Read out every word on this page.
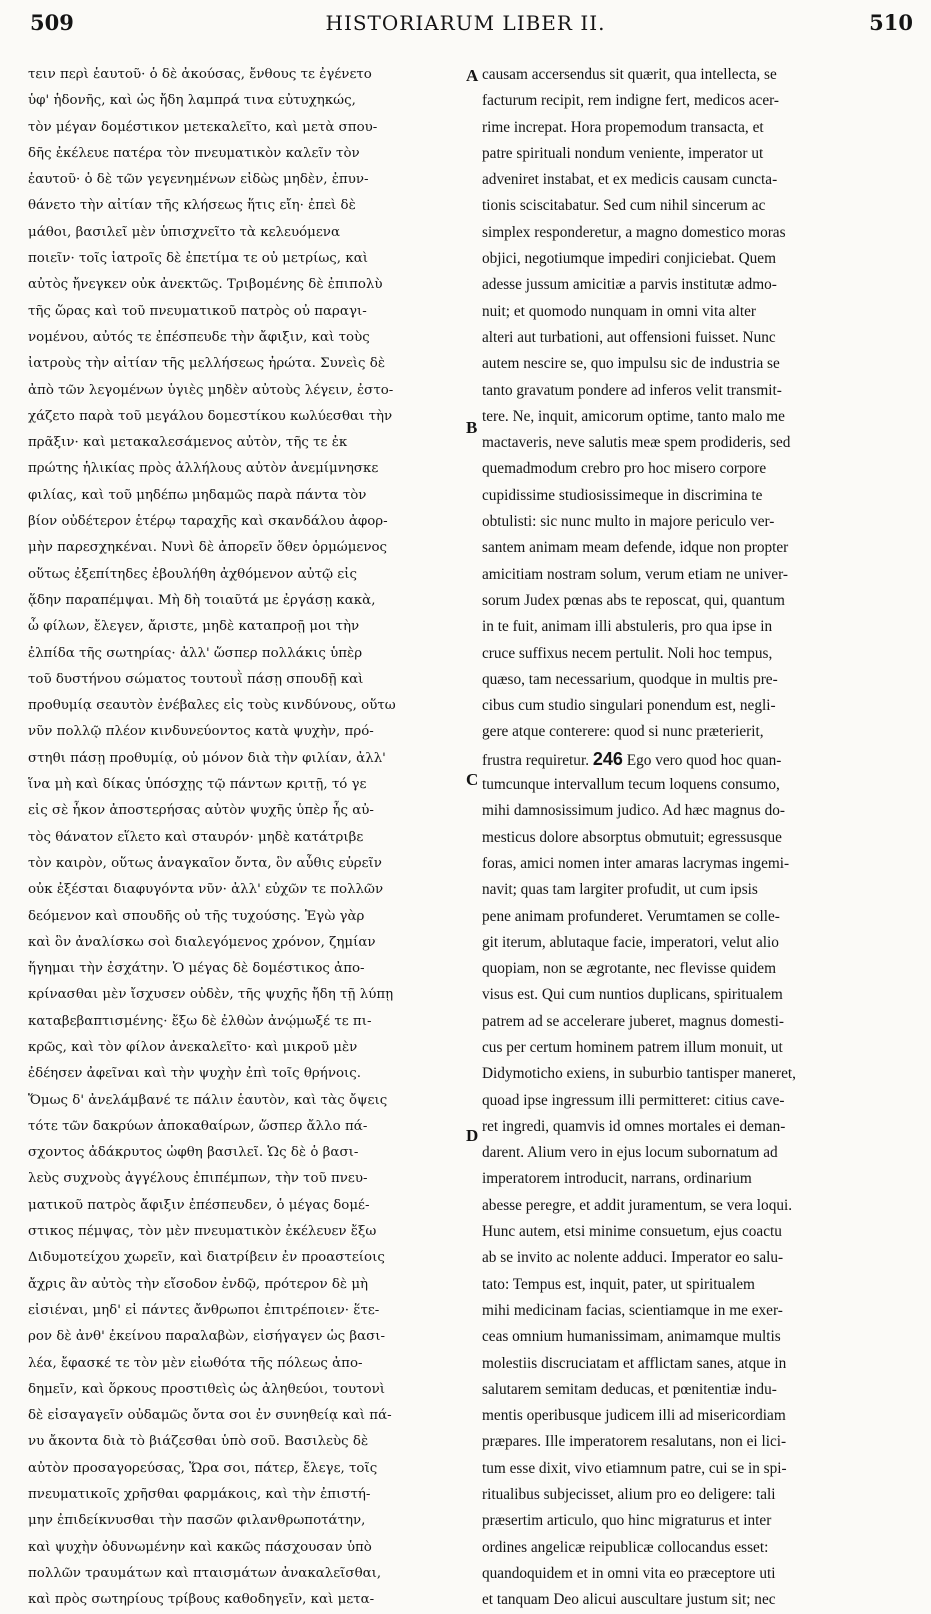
509	HISTORIARUM LIBER II.	510
τειν περὶ ἑαυτοῦ· ὁ δὲ ἀκούσας, ἔνθους τε ἐγένετο
ὑφ' ἡδονῆς, καὶ ὡς ἤδη λαμπρά τινα εὐτυχηκώς,
τὸν μέγαν δομέστικον μετεκαλεῖτο, καὶ μετὰ σπου-
δῆς ἐκέλευε πατέρα τὸν πνευματικὸν καλεῖν τὸν
ἑαυτοῦ· ὁ δὲ τῶν γεγενημένων εἰδὼς μηδὲν, ἐπυν-
θάνετο τὴν αἰτίαν τῆς κλήσεως ἥτις εἴη· ἐπεὶ δὲ
μάθοι, βασιλεῖ μὲν ὑπισχνεῖτο τὰ κελευόμενα
ποιεῖν· τοῖς ἰατροῖς δὲ ἐπετίμα τε οὐ μετρίως, καὶ
αὐτὸς ἤνεγκεν οὐκ ἀνεκτῶς. Τριβομένης δὲ ἐπιπολὺ
τῆς ὥρας καὶ τοῦ πνευματικοῦ πατρὸς οὐ παραγι-
νομένου, αὐτός τε ἐπέσπευδε τὴν ἄφιξιν, καὶ τοὺς
ἰατροὺς τὴν αἰτίαν τῆς μελλήσεως ἠρώτα. Συνεὶς δὲ
ἀπὸ τῶν λεγομένων ὑγιὲς μηδὲν αὐτοὺς λέγειν, ἐστο-
χάζετο παρὰ τοῦ μεγάλου δομεστίκου κωλύεσθαι τὴν
πρᾶξιν· καὶ μετακαλεσάμενος αὐτὸν, τῆς τε ἐκ
πρώτης ἡλικίας πρὸς ἀλλήλους αὐτὸν ἀνεμίμνησκε
φιλίας, καὶ τοῦ μηδέπω μηδαμῶς παρὰ πάντα τὸν
βίον οὐδέτερον ἑτέρῳ ταραχῆς καὶ σκανδάλου ἀφορ-
μὴν παρεσχηκέναι. Νυνὶ δὲ ἀπορεῖν ὅθεν ὁρμώμενος
οὕτως ἐξεπίτηδες ἐβουλήθη ἀχθόμενον αὐτῷ εἰς
ᾅδην παραπέμψαι. Μὴ δὴ τοιαῦτά με ἐργάσῃ κακὰ,
ὦ φίλων, ἔλεγεν, ἄριστε, μηδὲ καταπροῇ μοι τὴν
ἐλπίδα τῆς σωτηρίας· ἀλλ' ὥσπερ πολλάκις ὑπὲρ
τοῦ δυστήνου σώματος τουτουῒ πάσῃ σπουδῇ καὶ
προθυμίᾳ σεαυτὸν ἐνέβαλες εἰς τοὺς κινδύνους, οὕτω
νῦν πολλῷ πλέον κινδυνεύοντος κατὰ ψυχὴν, πρό-
στηθι πάσῃ προθυμίᾳ, οὐ μόνον διὰ τὴν φιλίαν, ἀλλ'
ἵνα μὴ καὶ δίκας ὑπόσχῃς τῷ πάντων κριτῇ, τό γε
εἰς σὲ ἧκον ἀποστερήσας αὐτὸν ψυχῆς ὑπὲρ ἧς αὐ-
τὸς θάνατον εἵλετο καὶ σταυρόν· μηδὲ κατάτριβε
τὸν καιρὸν, οὕτως ἀναγκαῖον ὄντα, ὃν αὖθις εὑρεῖν
οὐκ ἐξέσται διαφυγόντα νῦν· ἀλλ' εὐχῶν τε πολλῶν
δεόμενον καὶ σπουδῆς οὐ τῆς τυχούσης. Ἐγὼ γὰρ
καὶ ὃν ἀναλίσκω σοὶ διαλεγόμενος χρόνον, ζημίαν
ἥγημαι τὴν ἐσχάτην. Ὁ μέγας δὲ δομέστικος ἀπο-
κρίνασθαι μὲν ἴσχυσεν οὐδὲν, τῆς ψυχῆς ἤδη τῇ λύπῃ
καταβεβαπτισμένης· ἔξω δὲ ἐλθὼν ἀνῴμωξέ τε πι-
κρῶς, καὶ τὸν φίλον ἀνεκαλεῖτο· καὶ μικροῦ μὲν
ἐδέησεν ἀφεῖναι καὶ τὴν ψυχὴν ἐπὶ τοῖς θρήνοις.
Ὅμως δ' ἀνελάμβανέ τε πάλιν ἑαυτὸν, καὶ τὰς ὄψεις
τότε τῶν δακρύων ἀποκαθαίρων, ὥσπερ ἄλλο πά-
σχοντος ἀδάκρυτος ὠφθη βασιλεῖ. Ὡς δὲ ὁ βασι-
λεὺς συχνοὺς ἀγγέλους ἐπιπέμπων, τὴν τοῦ πνευ-
ματικοῦ πατρὸς ἄφιξιν ἐπέσπευδεν, ὁ μέγας δομέ-
στικος πέμψας, τὸν μὲν πνευματικὸν ἐκέλευεν ἔξω
Διδυμοτείχου χωρεῖν, καὶ διατρίβειν ἐν προαστείοις
ἄχρις ἂν αὐτὸς τὴν εἴσοδον ἐνδῷ, πρότερον δὲ μὴ
εἰσιέναι, μηδ' εἰ πάντες ἄνθρωποι ἐπιτρέποιεν· ἕτε-
ρον δὲ ἀνθ' ἐκείνου παραλαβὼν, εἰσήγαγεν ὡς βασι-
λέα, ἔφασκέ τε τὸν μὲν εἰωθότα τῆς πόλεως ἀπο-
δημεῖν, καὶ ὅρκους προστιθεὶς ὡς ἀληθεύοι, τουτονὶ
δὲ εἰσαγαγεῖν οὐδαμῶς ὄντα σοι ἐν συνηθείᾳ καὶ πά-
νυ ἄκοντα διὰ τὸ βιάζεσθαι ὑπὸ σοῦ. Βασιλεὺς δὲ
αὐτὸν προσαγορεύσας, Ὥρα σοι, πάτερ, ἔλεγε, τοῖς
πνευματικοῖς χρῆσθαι φαρμάκοις, καὶ τὴν ἐπιστή-
μην ἐπιδείκνυσθαι τὴν πασῶν φιλανθρωποτάτην,
καὶ ψυχὴν ὀδυνωμένην καὶ κακῶς πάσχουσαν ὑπὸ
πολλῶν τραυμάτων καὶ πταισμάτων ἀνακαλεῖσθαι,
καὶ πρὸς σωτηρίους τρίβους καθοδηγεῖν, καὶ μετα-
causam accersendus sit quærit, qua intellecta, se
facturum recipit, rem indigne fert, medicos acer-
rime increpat. Hora propemodum transacta, et
patre spirituali nondum veniente, imperator ut
adveniret instabat, et ex medicis causam cuncta-
tionis sciscitabatur. Sed cum nihil sincerum ac
simplex responderetur, a magno domestico moras
objici, negotiumque impediri conjiciebat. Quem
adesse jussum amicitiæ a parvis institutæ admo-
nuit; et quomodo nunquam in omni vita alter
alteri aut turbationi, aut offensioni fuisset. Nunc
autem nescire se, quo impulsu sic de industria se
tanto gravatum pondere ad inferos velit transmit-
tere. Ne, inquit, amicorum optime, tanto malo me
mactaveris, neve salutis meæ spem prodideris, sed
quemadmodum crebro pro hoc misero corpore
cupidissime studiosissimeque in discrimina te
obtulisti: sic nunc multo in majore periculo ver-
santem animam meam defende, idque non propter
amicitiam nostram solum, verum etiam ne univer-
sorum Judex pœnas abs te reposcat, qui, quantum
in te fuit, animam illi abstuleris, pro qua ipse in
cruce suffixus necem pertulit. Noli hoc tempus,
quæso, tam necessarium, quodque in multis pre-
cibus cum studio singulari ponendum est, negli-
gere atque conterere: quod si nunc præterierit,
frustra requiretur. 246 Ego vero quod hoc quan-
tumcunque intervallum tecum loquens consumo,
mihi damnosissimum judico. Ad hæc magnus do-
mesticus dolore absorptus obmutuit; egressusque
foras, amici nomen inter amaras lacrymas ingemi-
navit; quas tam largiter profudit, ut cum ipsis
pene animam profunderet. Verumtamen se colle-
git iterum, ablutaque facie, imperatori, velut alio
quopiam, non se ægrotante, nec flevisse quidem
visus est. Qui cum nuntios duplicans, spiritualem
patrem ad se accelerare juberet, magnus domesti-
cus per certum hominem patrem illum monuit, ut
Didymoticho exiens, in suburbio tantisper maneret,
quoad ipse ingressum illi permitteret: citius cave-
ret ingredi, quamvis id omnes mortales ei deman-
darent. Alium vero in ejus locum subornatum ad
imperatorem introducit, narrans, ordinarium
abesse peregre, et addit juramentum, se vera loqui.
Hunc autem, etsi minime consuetum, ejus coactu
ab se invito ac nolente adduci. Imperator eo salu-
tato: Tempus est, inquit, pater, ut spiritualem
mihi medicinam facias, scientiamque in me exer-
ceas omnium humanissimam, animamque multis
molestiis discruciatam et afflictam sanes, atque in
salutarem semitam deducas, et pœnitentiæ indu-
mentis operibusque judicem illi ad misericordiam
præpares. Ille imperatorem resalutans, non ei lici-
tum esse dixit, vivo etiamnum patre, cui se in spi-
ritualibus subjecisset, alium pro eo deligere: tali
præsertim articulo, quo hinc migraturus et inter
ordines angelicæ reipublicæ collocandus esset:
quandoquidem et in omni vita eo præceptore uti
et tanquam Deo alicui auscultare justum sit; nec
A
B
C
D
